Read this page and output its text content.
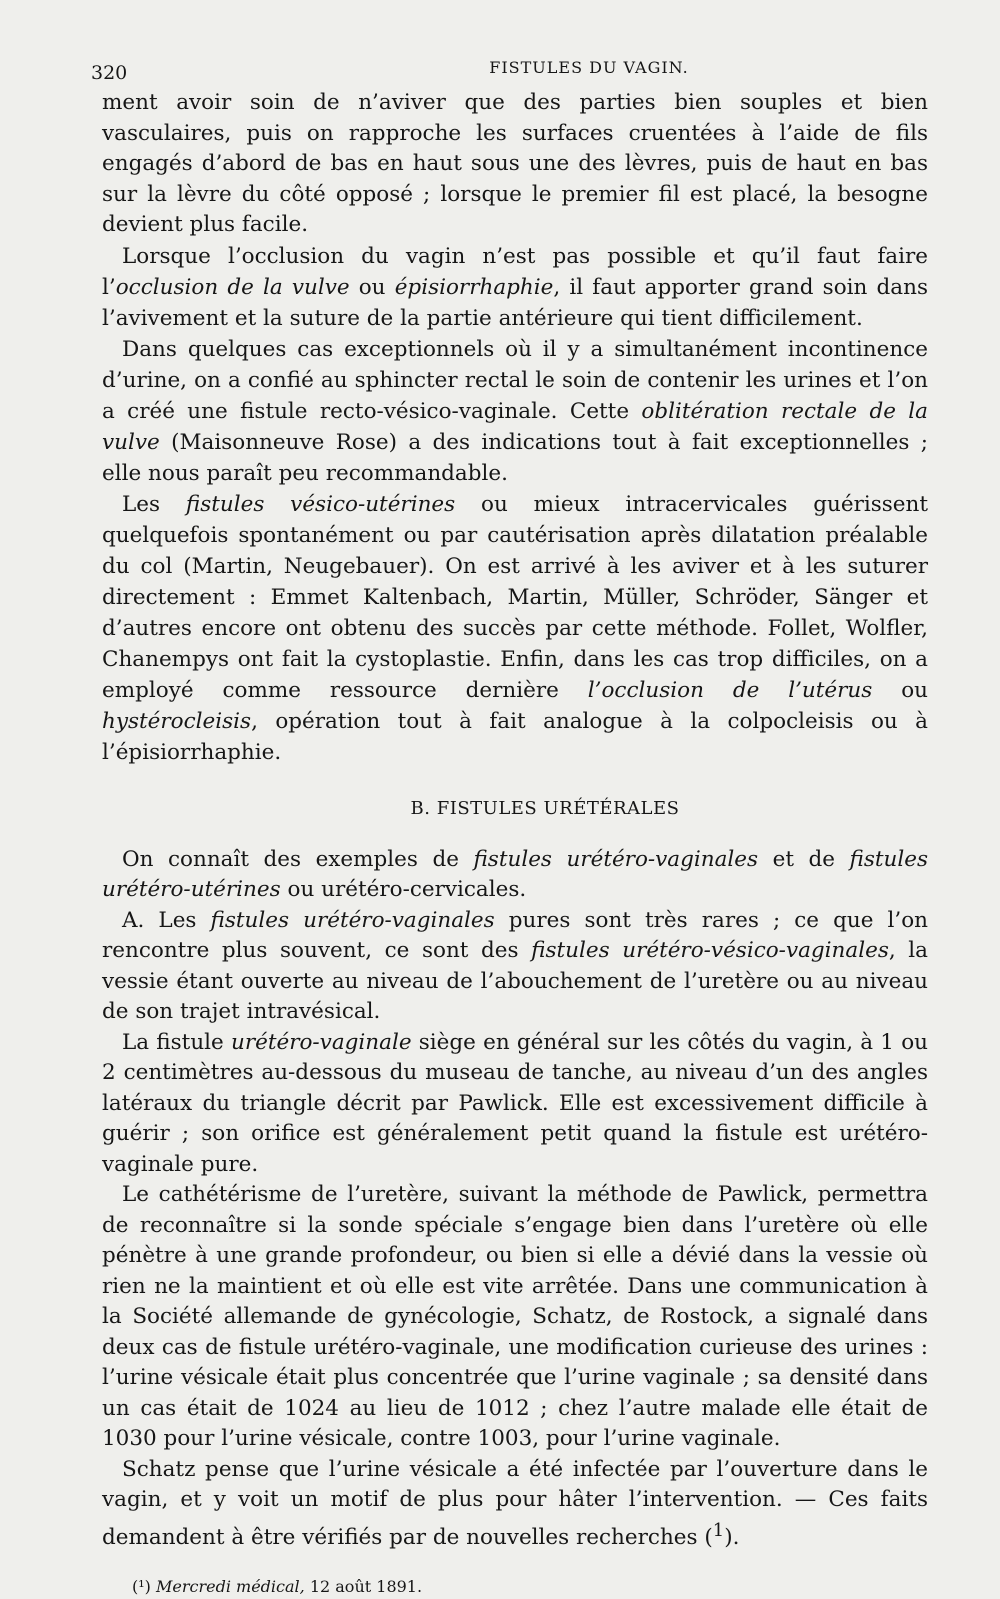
320	FISTULES DU VAGIN.

ment avoir soin de n’aviver que des parties bien souples et bien vasculaires, puis on rapproche les surfaces cruentées à l’aide de fils engagés d’abord de bas en haut sous une des lèvres, puis de haut en bas sur la lèvre du côté opposé ; lorsque le premier fil est placé, la besogne devient plus facile.

Lorsque l’occlusion du vagin n’est pas possible et qu’il faut faire l’occlusion de la vulve ou épisiorrhaphie, il faut apporter grand soin dans l’avivement et la suture de la partie antérieure qui tient difficilement.

Dans quelques cas exceptionnels où il y a simultanément incontinence d’urine, on a confié au sphincter rectal le soin de contenir les urines et l’on a créé une fistule recto-vésico-vaginale. Cette oblitération rectale de la vulve (Maisonneuve Rose) a des indications tout à fait exceptionnelles ; elle nous paraît peu recommandable.

Les fistules vésico-utérines ou mieux intracervicales guérissent quelquefois spontanément ou par cautérisation après dilatation préalable du col (Martin, Neugebauer). On est arrivé à les aviver et à les suturer directement : Emmet Kaltenbach, Martin, Müller, Schröder, Sänger et d’autres encore ont obtenu des succès par cette méthode. Follet, Wolfler, Chanempys ont fait la cystoplastie. Enfin, dans les cas trop difficiles, on a employé comme ressource dernière l’occlusion de l’utérus ou hystérocleisis, opération tout à fait analogue à la colpocleisis ou à l’épisiorrhaphie.

B. FISTULES URÉTÉRALES

On connaît des exemples de fistules urétéro-vaginales et de fistules urétéro-utérines ou urétéro-cervicales.

A. Les fistules urétéro-vaginales pures sont très rares ; ce que l’on rencontre plus souvent, ce sont des fistules urétéro-vésico-vaginales, la vessie étant ouverte au niveau de l’abouchement de l’uretère ou au niveau de son trajet intravésical.

La fistule urétéro-vaginale siège en général sur les côtés du vagin, à 1 ou 2 centimètres au-dessous du museau de tanche, au niveau d’un des angles latéraux du triangle décrit par Pawlick. Elle est excessivement difficile à guérir ; son orifice est généralement petit quand la fistule est urétéro-vaginale pure.

Le cathétérisme de l’uretère, suivant la méthode de Pawlick, permettra de reconnaître si la sonde spéciale s’engage bien dans l’uretère où elle pénètre à une grande profondeur, ou bien si elle a dévié dans la vessie où rien ne la maintient et où elle est vite arrêtée. Dans une communication à la Société allemande de gynécologie, Schatz, de Rostock, a signalé dans deux cas de fistule urétéro-vaginale, une modification curieuse des urines : l’urine vésicale était plus concentrée que l’urine vaginale ; sa densité dans un cas était de 1024 au lieu de 1012 ; chez l’autre malade elle était de 1030 pour l’urine vésicale, contre 1003, pour l’urine vaginale.

Schatz pense que l’urine vésicale a été infectée par l’ouverture dans le vagin, et y voit un motif de plus pour hâter l’intervention. — Ces faits demandent à être vérifiés par de nouvelles recherches ($^1$).

(¹) Mercredi médical, 12 août 1891.
